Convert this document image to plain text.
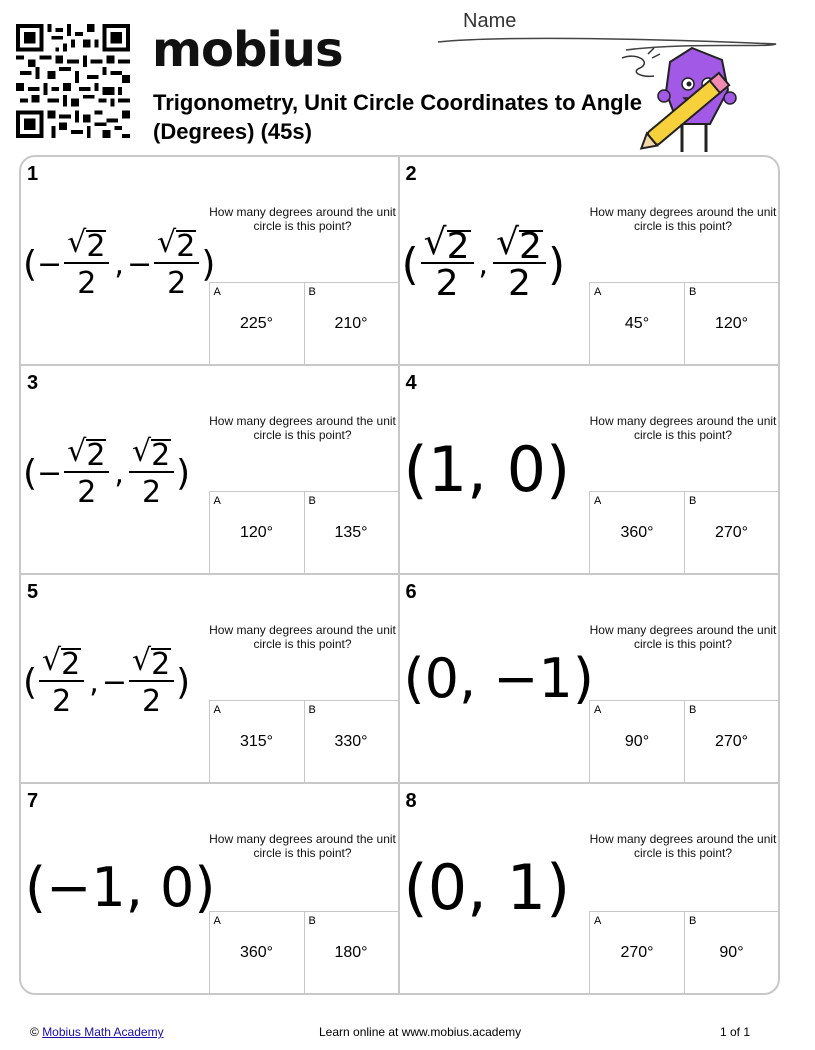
mobius
Trigonometry, Unit Circle Coordinates to Angle (Degrees) (45s)
Name
1
( − $\frac{√ 2}{2}$ , − $\frac{√ 2}{2}$ )
How many degrees around the unit circle is this point?
A
225°
B
210°
2
( $\frac{√ 2}{2}$ , $\frac{√ 2}{2}$ )
How many degrees around the unit circle is this point?
A
45°
B
120°
3
( − $\frac{√ 2}{2}$ , $\frac{√ 2}{2}$ )
How many degrees around the unit circle is this point?
A
120°
B
135°
4
( 1 ,
0 )
How many degrees around the unit circle is this point?
A
360°
B
270°
5
( $\frac{√ 2}{2}$ , − $\frac{√ 2}{2}$ )
How many degrees around the unit circle is this point?
A
315°
B
330°
6
( 0 ,
− 1 )
How many degrees around the unit circle is this point?
A
90°
B
270°
7
( − 1 ,
0 )
How many degrees around the unit circle is this point?
A
360°
B
180°
8
( 0 ,
1 )
How many degrees around the unit circle is this point?
A
270°
B
90°
© Mobius Math Academy	Learn online at www.mobius.academy	1 of 1
